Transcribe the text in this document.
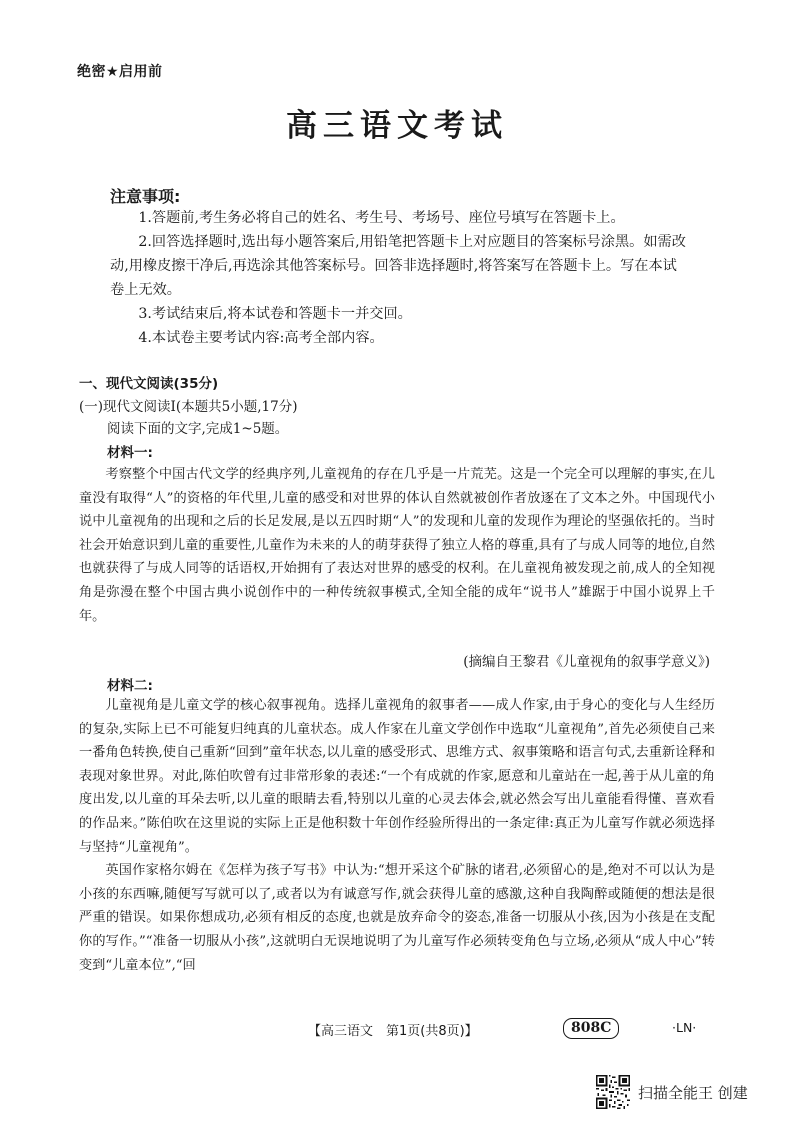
绝密★启用前
高三语文考试
注意事项:

1.答题前,考生务必将自己的姓名、考生号、考场号、座位号填写在答题卡上。

2.回答选择题时,选出每小题答案后,用铅笔把答题卡上对应题目的答案标号涂黑。如需改动,用橡皮擦干净后,再选涂其他答案标号。回答非选择题时,将答案写在答题卡上。写在本试卷上无效。

3.考试结束后,将本试卷和答题卡一并交回。

4.本试卷主要考试内容:高考全部内容。

一、现代文阅读(35分)
(一)现代文阅读Ⅰ(本题共5小题,17分)
阅读下面的文字,完成1~5题。
材料一:

考察整个中国古代文学的经典序列,儿童视角的存在几乎是一片荒芜。这是一个完全可以理解的事实,在儿童没有取得“人”的资格的年代里,儿童的感受和对世界的体认自然就被创作者放逐在了文本之外。中国现代小说中儿童视角的出现和之后的长足发展,是以五四时期“人”的发现和儿童的发现作为理论的坚强依托的。当时社会开始意识到儿童的重要性,儿童作为未来的人的萌芽获得了独立人格的尊重,具有了与成人同等的地位,自然也就获得了与成人同等的话语权,开始拥有了表达对世界的感受的权利。在儿童视角被发现之前,成人的全知视角是弥漫在整个中国古典小说创作中的一种传统叙事模式,全知全能的成年“说书人”雄踞于中国小说界上千年。

(摘编自王黎君《儿童视角的叙事学意义》)
材料二:

儿童视角是儿童文学的核心叙事视角。选择儿童视角的叙事者——成人作家,由于身心的变化与人生经历的复杂,实际上已不可能复归纯真的儿童状态。成人作家在儿童文学创作中选取“儿童视角”,首先必须使自己来一番角色转换,使自己重新“回到”童年状态,以儿童的感受形式、思维方式、叙事策略和语言句式,去重新诠释和表现对象世界。对此,陈伯吹曾有过非常形象的表述:“一个有成就的作家,愿意和儿童站在一起,善于从儿童的角度出发,以儿童的耳朵去听,以儿童的眼睛去看,特别以儿童的心灵去体会,就必然会写出儿童能看得懂、喜欢看的作品来。”陈伯吹在这里说的实际上正是他积数十年创作经验所得出的一条定律:真正为儿童写作就必须选择与坚持“儿童视角”。

英国作家格尔姆在《怎样为孩子写书》中认为:“想开采这个矿脉的诸君,必须留心的是,绝对不可以认为是小孩的东西嘛,随便写写就可以了,或者以为有诚意写作,就会获得儿童的感激,这种自我陶醉或随便的想法是很严重的错误。如果你想成功,必须有相反的态度,也就是放弃命令的姿态,准备一切服从小孩,因为小孩是在支配你的写作。”“准备一切服从小孩”,这就明白无误地说明了为儿童写作必须转变角色与立场,必须从“成人中心”转变到“儿童本位”,“回

【高三语文　第1页(共8页)】	808C	·LN·
扫描全能王 创建
